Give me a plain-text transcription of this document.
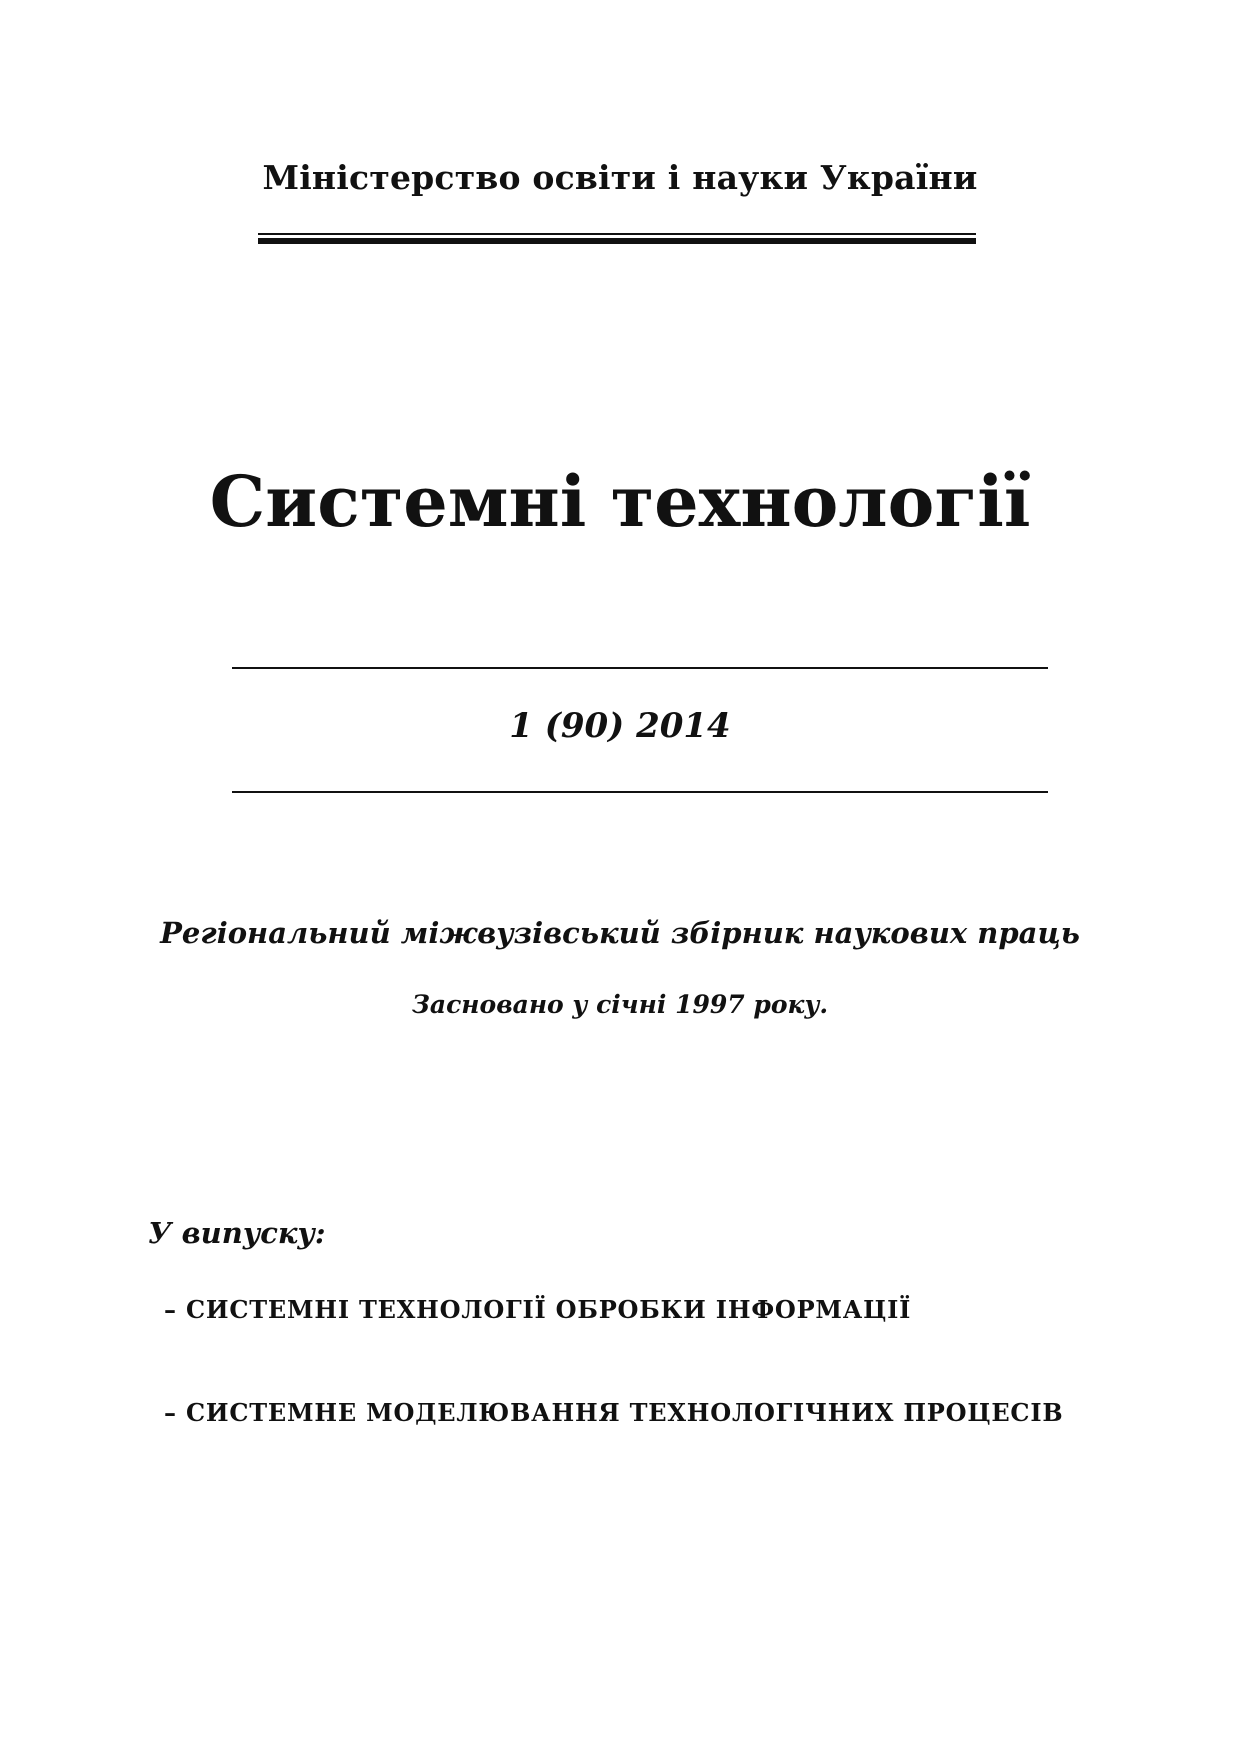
Міністерство освіти і науки України
Системні технології
1 (90) 2014
Регіональний міжвузівський збірник наукових праць
Засновано у січні 1997 року.
У випуску:
– СИСТЕМНІ ТЕХНОЛОГІЇ ОБРОБКИ ІНФОРМАЦІЇ
– СИСТЕМНЕ МОДЕЛЮВАННЯ ТЕХНОЛОГІЧНИХ ПРОЦЕСІВ
